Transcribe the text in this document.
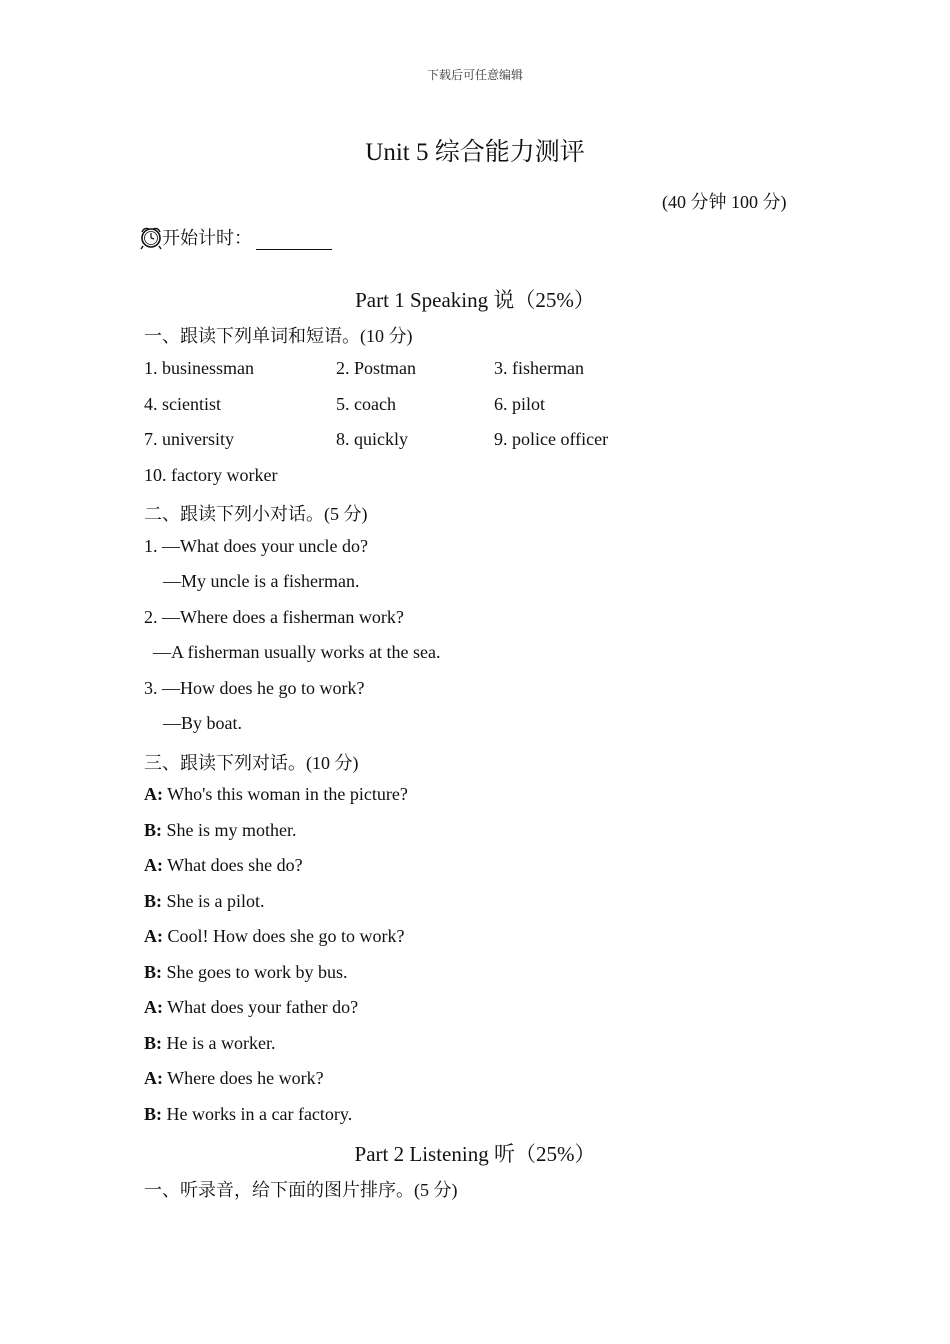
下载后可任意编辑
Unit 5 综合能力测评
(40 分钟 100 分)
开始计时：
Part 1 Speaking 说（25%）
一、跟读下列单词和短语。(10 分)
1. businessman	2. Postman	3. fisherman
4. scientist	5. coach	6. pilot
7. university	8. quickly	9. police officer
10. factory worker
二、跟读下列小对话。(5 分)
1. —What does your uncle do?
—My uncle is a fisherman.
2. —Where does a fisherman work?
—A fisherman usually works at the sea.
3. —How does he go to work?
—By boat.
三、跟读下列对话。(10 分)
A: Who's this woman in the picture?
B: She is my mother.
A: What does she do?
B: She is a pilot.
A: Cool! How does she go to work?
B: She goes to work by bus.
A: What does your father do?
B: He is a worker.
A: Where does he work?
B: He works in a car factory.
Part 2 Listening 听（25%）
一、听录音，给下面的图片排序。(5 分)
